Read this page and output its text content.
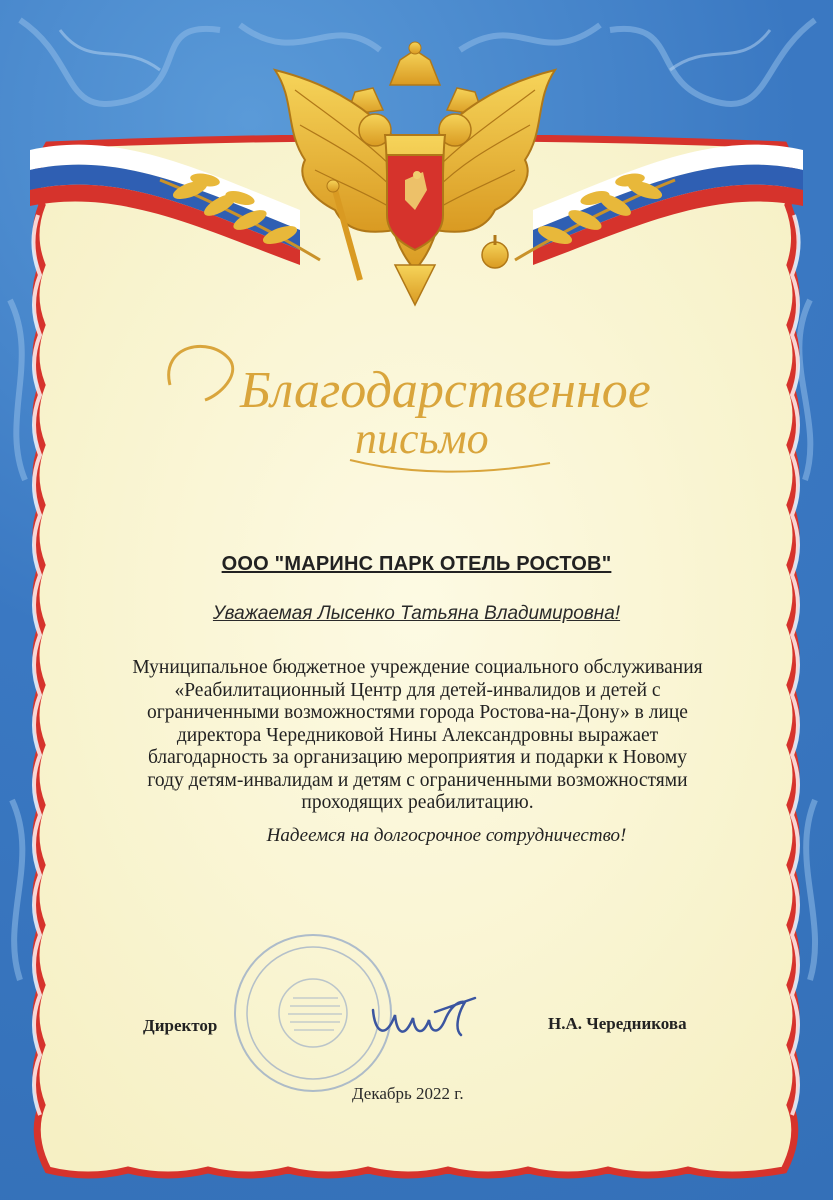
Благодарственное
письмо
ООО "МАРИНС ПАРК ОТЕЛЬ РОСТОВ"
Уважаемая Лысенко Татьяна Владимировна!
Муниципальное бюджетное учреждение социального обслуживания
«Реабилитационный Центр для детей-инвалидов и детей с
ограниченными возможностями города Ростова-на-Дону» в лице
директора Чередниковой Нины Александровны выражает
благодарность за организацию мероприятия и подарки к Новому
году детям-инвалидам и детям с ограниченными возможностями
проходящих реабилитацию.
Надеемся на долгосрочное сотрудничество!
Директор	Н.А. Чередникова
Декабрь 2022 г.
